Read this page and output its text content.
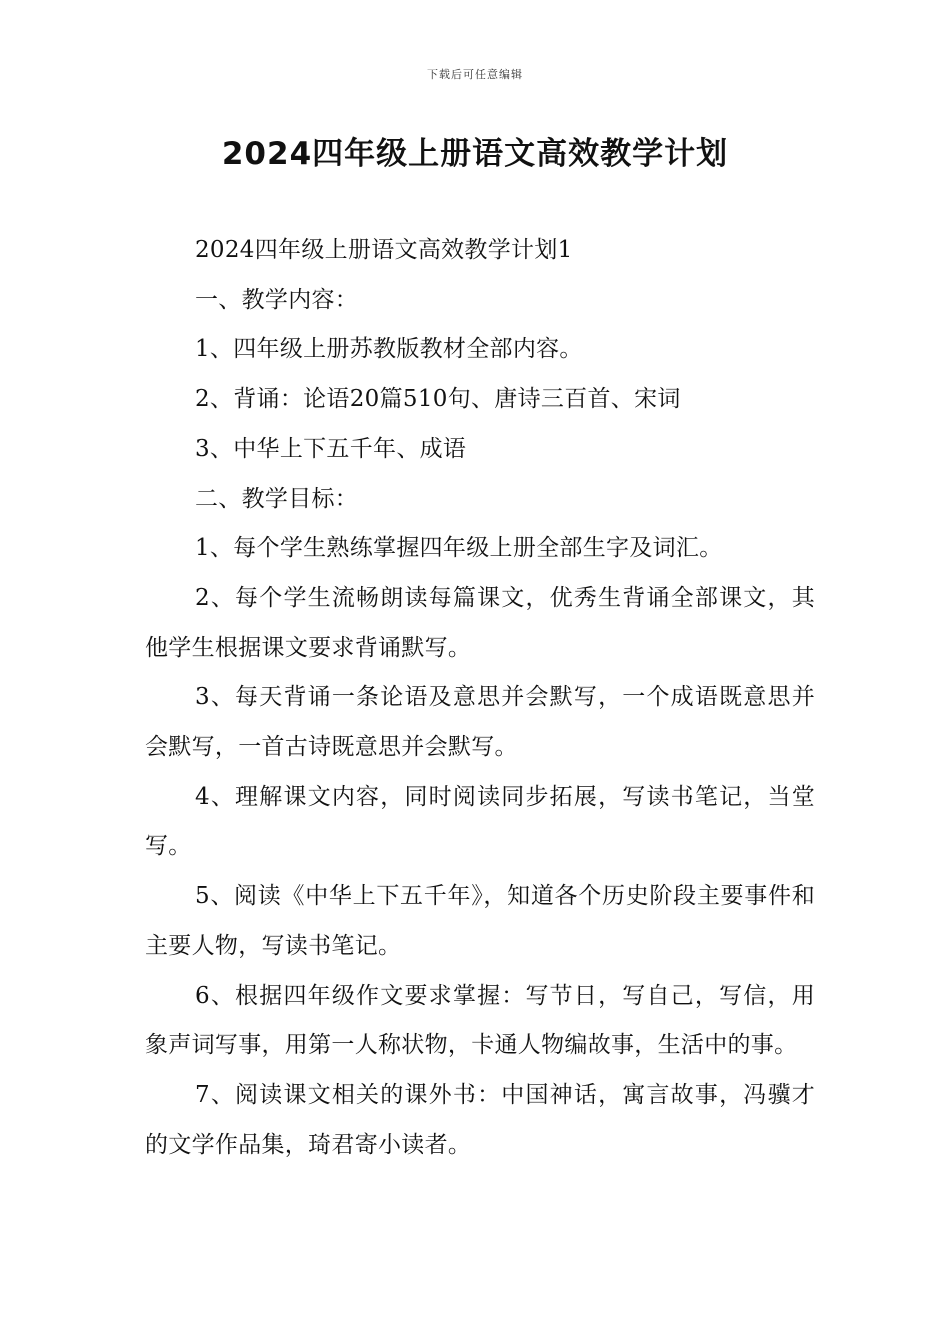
下载后可任意编辑
2024四年级上册语文高效教学计划

2024四年级上册语文高效教学计划1

一、教学内容：

1、四年级上册苏教版教材全部内容。

2、背诵：论语20篇510句、唐诗三百首、宋词

3、中华上下五千年、成语

二、教学目标：

1、每个学生熟练掌握四年级上册全部生字及词汇。

2、每个学生流畅朗读每篇课文，优秀生背诵全部课文，其他学生根据课文要求背诵默写。

3、每天背诵一条论语及意思并会默写，一个成语既意思并会默写，一首古诗既意思并会默写。

4、理解课文内容，同时阅读同步拓展，写读书笔记，当堂写。

5、阅读《中华上下五千年》，知道各个历史阶段主要事件和主要人物，写读书笔记。

6、根据四年级作文要求掌握：写节日，写自己，写信，用象声词写事，用第一人称状物，卡通人物编故事，生活中的事。

7、阅读课文相关的课外书：中国神话，寓言故事，冯骥才的文学作品集，琦君寄小读者。
